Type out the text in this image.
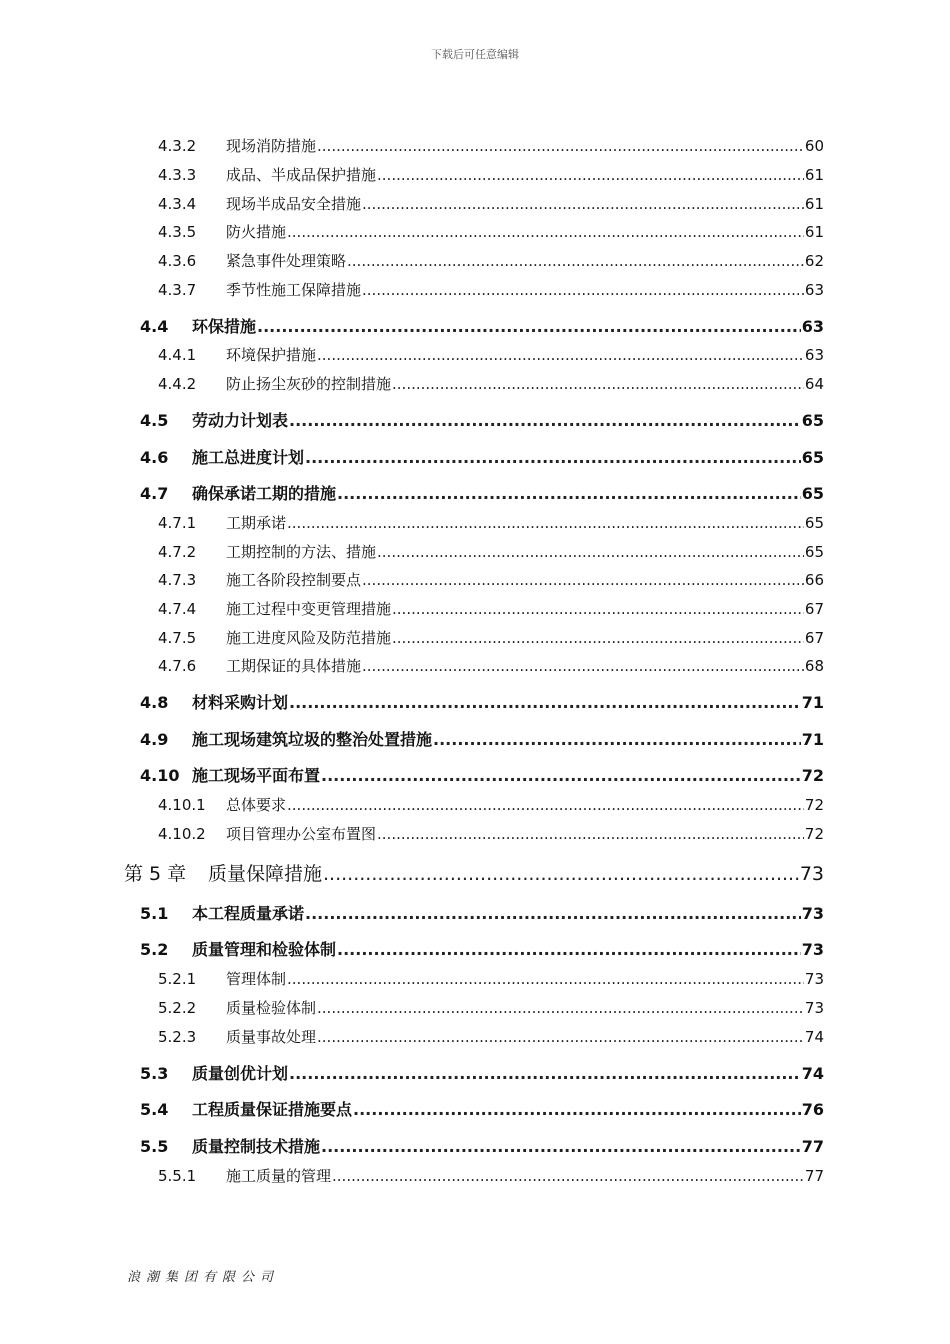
下载后可任意编辑
4.3.2	现场消防措施 .....	60
4.3.3	成品、半成品保护措施 .....	61
4.3.4	现场半成品安全措施 .....	61
4.3.5	防火措施 .....	61
4.3.6	紧急事件处理策略 .....	62
4.3.7	季节性施工保障措施 .....	63
4.4	环保措施 .....	63
4.4.1	环境保护措施 .....	63
4.4.2	防止扬尘灰砂的控制措施 .....	64
4.5	劳动力计划表 .....	65
4.6	施工总进度计划 .....	65
4.7	确保承诺工期的措施 .....	65
4.7.1	工期承诺 .....	65
4.7.2	工期控制的方法、措施 .....	65
4.7.3	施工各阶段控制要点 .....	66
4.7.4	施工过程中变更管理措施 .....	67
4.7.5	施工进度风险及防范措施 .....	67
4.7.6	工期保证的具体措施 .....	68
4.8	材料采购计划 .....	71
4.9	施工现场建筑垃圾的整治处置措施 .....	71
4.10 施工现场平面布置 .....	72
4.10.1	总体要求 .....	72
4.10.2	项目管理办公室布置图 .....	72
第 5 章	质量保障措施 .....	73
5.1	本工程质量承诺 .....	73
5.2	质量管理和检验体制 .....	73
5.2.1	管理体制 .....	73
5.2.2	质量检验体制 .....	73
5.2.3	质量事故处理 .....	74
5.3	质量创优计划 .....	74
5.4	工程质量保证措施要点 .....	76
5.5	质量控制技术措施 .....	77
5.5.1	施工质量的管理 .....	77
浪潮集团有限公司
